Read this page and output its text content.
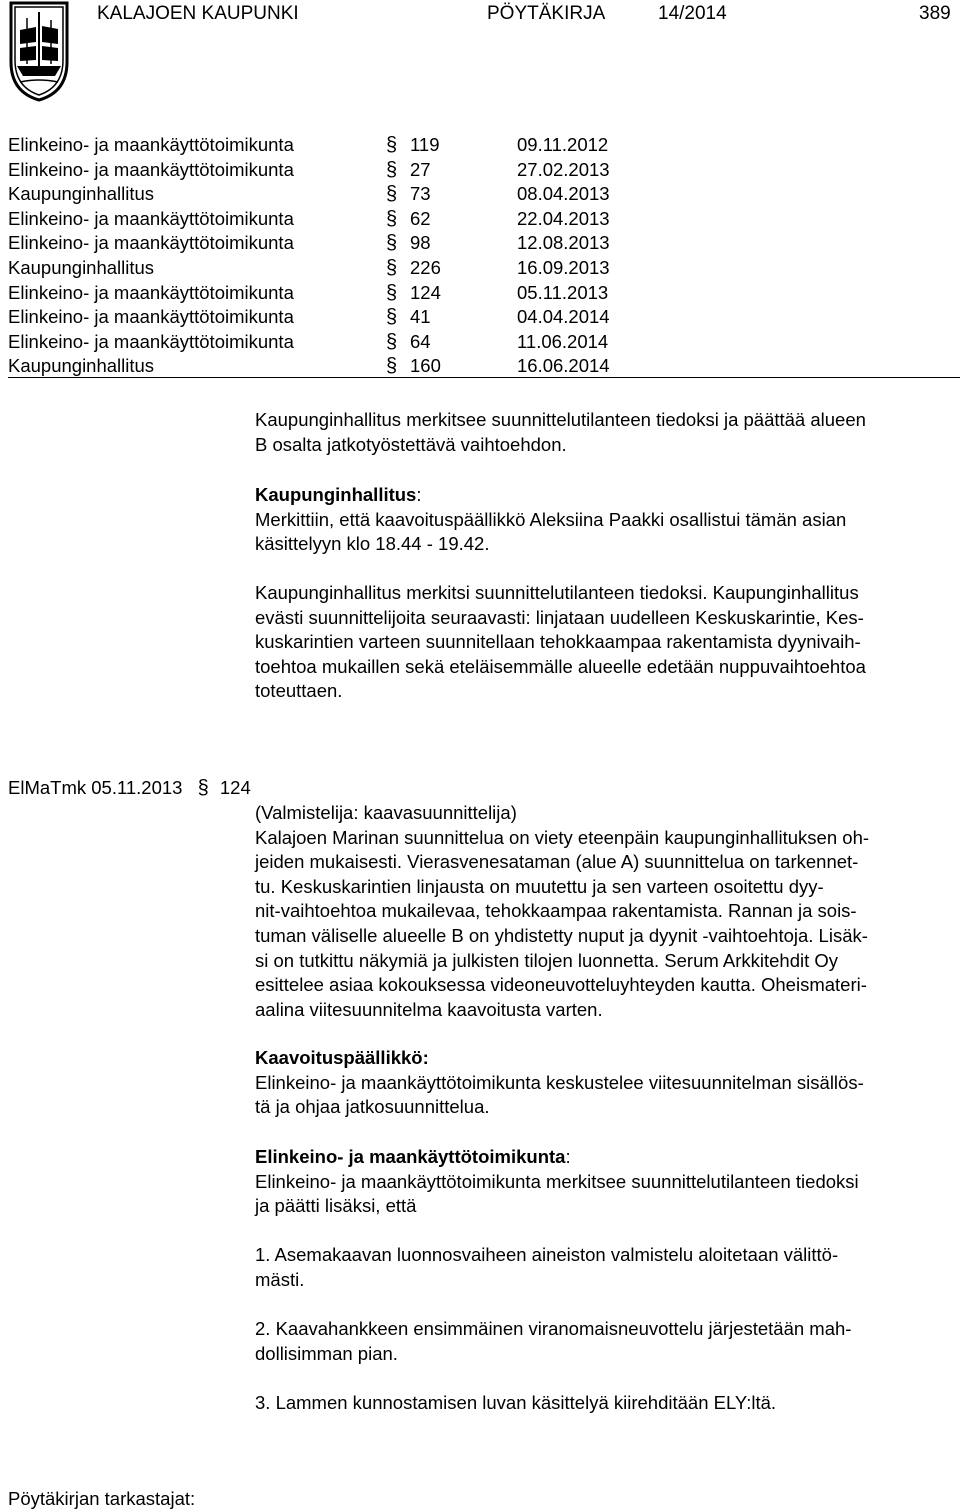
KALAJOEN KAUPUNKI	PÖYTÄKIRJA	14/2014	389
Elinkeino- ja maankäyttötoimikunta	§ 119	09.11.2012
Elinkeino- ja maankäyttötoimikunta	§ 27	27.02.2013
Kaupunginhallitus	§ 73	08.04.2013
Elinkeino- ja maankäyttötoimikunta	§ 62	22.04.2013
Elinkeino- ja maankäyttötoimikunta	§ 98	12.08.2013
Kaupunginhallitus	§ 226	16.09.2013
Elinkeino- ja maankäyttötoimikunta	§ 124	05.11.2013
Elinkeino- ja maankäyttötoimikunta	§ 41	04.04.2014
Elinkeino- ja maankäyttötoimikunta	§ 64	11.06.2014
Kaupunginhallitus	§ 160	16.06.2014
Kaupunginhallitus merkitsee suunnittelutilanteen tiedoksi ja päättää alueen
B osalta jatkotyöstettävä vaihtoehdon.
Kaupunginhallitus:
Merkittiin, että kaavoituspäällikkö Aleksiina Paakki osallistui tämän asian
käsittelyyn klo 18.44 - 19.42.
Kaupunginhallitus merkitsi suunnittelutilanteen tiedoksi. Kaupunginhallitus
evästi suunnittelijoita seuraavasti: linjataan uudelleen Keskuskarintie, Kes-
kuskarintien varteen suunnitellaan tehokkaampaa rakentamista dyynivaih-
toehtoa mukaillen sekä eteläisemmälle alueelle edetään nuppuvaihtoehtoa
toteuttaen.
ElMaTmk 05.11.2013 § 124
(Valmistelija: kaavasuunnittelija)
Kalajoen Marinan suunnittelua on viety eteenpäin kaupunginhallituksen oh-
jeiden mukaisesti. Vierasvenesataman (alue A) suunnittelua on tarkennet-
tu. Keskuskarintien linjausta on muutettu ja sen varteen osoitettu dyy-
nit-vaihtoehtoa mukailevaa, tehokkaampaa rakentamista. Rannan ja sois-
tuman väliselle alueelle B on yhdistetty nuput ja dyynit -vaihtoehtoja. Lisäk-
si on tutkittu näkymiä ja julkisten tilojen luonnetta. Serum Arkkitehdit Oy
esittelee asiaa kokouksessa videoneuvotteluyhteyden kautta. Oheismateri-
aalina viitesuunnitelma kaavoitusta varten.
Kaavoituspäällikkö:
Elinkeino- ja maankäyttötoimikunta keskustelee viitesuunnitelman sisällös-
tä ja ohjaa jatkosuunnittelua.
Elinkeino- ja maankäyttötoimikunta:
Elinkeino- ja maankäyttötoimikunta merkitsee suunnittelutilanteen tiedoksi
ja päätti lisäksi, että
1. Asemakaavan luonnosvaiheen aineiston valmistelu aloitetaan välittö-
mästi.
2. Kaavahankkeen ensimmäinen viranomaisneuvottelu järjestetään mah-
dollisimman pian.
3. Lammen kunnostamisen luvan käsittelyä kiirehditään ELY:ltä.
Pöytäkirjan tarkastajat:
